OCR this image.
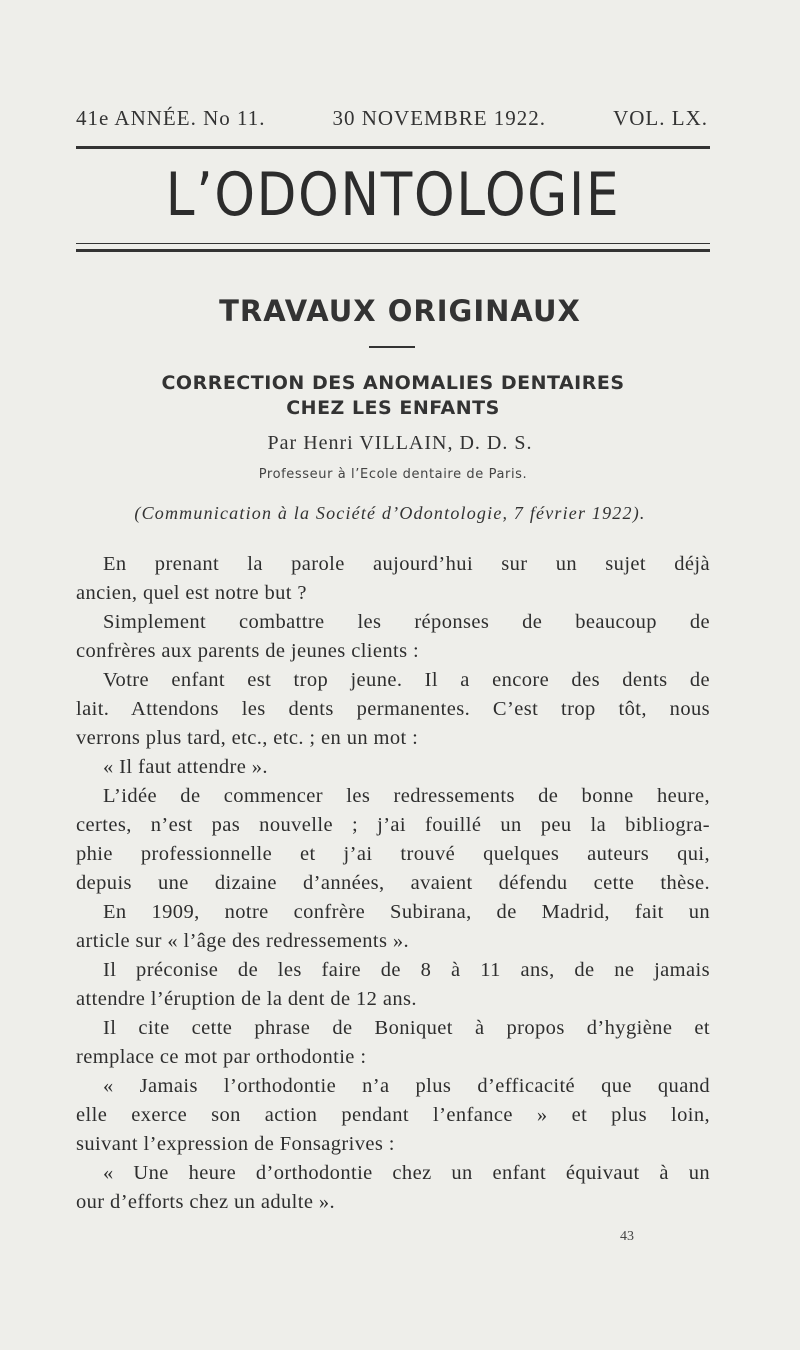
41e ANNÉE. No 11.	30 NOVEMBRE 1922.	VOL. LX.
L’ODONTOLOGIE
TRAVAUX ORIGINAUX
CORRECTION DES ANOMALIES DENTAIRES
CHEZ LES ENFANTS
Par Henri VILLAIN, D. D. S.
Professeur à l’Ecole dentaire de Paris.
(Communication à la Société d’Odontologie, 7 février 1922).
En prenant la parole aujourd’hui sur un sujet déjà
ancien, quel est notre but ?
Simplement combattre les réponses de beaucoup de
confrères aux parents de jeunes clients :
Votre enfant est trop jeune. Il a encore des dents de
lait. Attendons les dents permanentes. C’est trop tôt, nous
verrons plus tard, etc., etc. ; en un mot :
« Il faut attendre ».
L’idée de commencer les redressements de bonne heure,
certes, n’est pas nouvelle ; j’ai fouillé un peu la bibliogra-
phie professionnelle et j’ai trouvé quelques auteurs qui,
depuis une dizaine d’années, avaient défendu cette thèse.
En 1909, notre confrère Subirana, de Madrid, fait un
article sur « l’âge des redressements ».
Il préconise de les faire de 8 à 11 ans, de ne jamais
attendre l’éruption de la dent de 12 ans.
Il cite cette phrase de Boniquet à propos d’hygiène et
remplace ce mot par orthodontie :
« Jamais l’orthodontie n’a plus d’efficacité que quand
elle exerce son action pendant l’enfance » et plus loin,
suivant l’expression de Fonsagrives :
« Une heure d’orthodontie chez un enfant équivaut à un
our d’efforts chez un adulte ».
43
